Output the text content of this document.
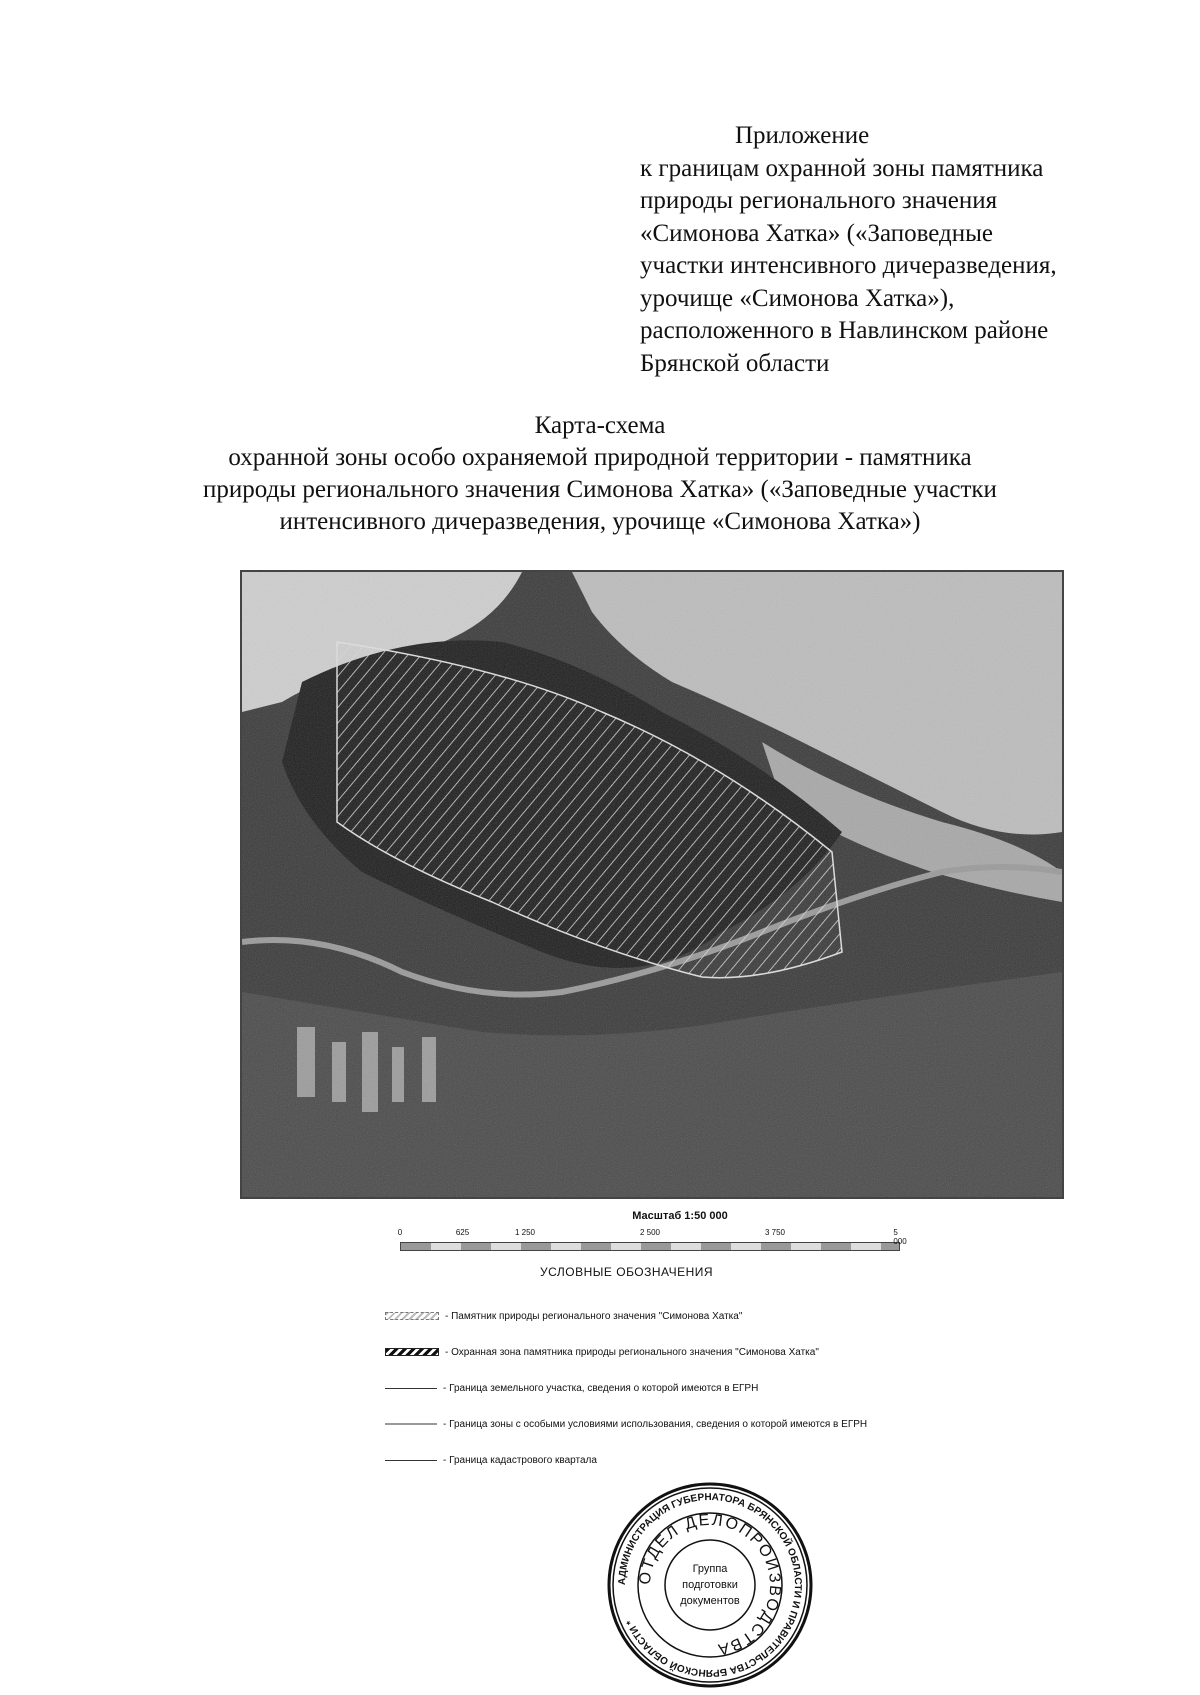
Приложение
к границам охранной зоны памятника
природы регионального значения
«Симонова Хатка» («Заповедные
участки интенсивного дичеразведения,
урочище «Симонова Хатка»),
расположенного в Навлинском районе
Брянской области

Карта-схема

охранной зоны особо охраняемой природной территории - памятника

природы регионального значения Симонова Хатка» («Заповедные участки

интенсивного дичеразведения, урочище «Симонова Хатка»)

Масштаб 1:50 000
0	625	1 250	2 500	3 750	5 000
УСЛОВНЫЕ ОБОЗНАЧЕНИЯ
- Памятник природы регионального значения "Симонова Хатка"
- Охранная зона памятника природы регионального значения "Симонова Хатка"
- Граница земельного участка, сведения о которой имеются в ЕГРН
- Граница зоны с особыми условиями использования, сведения о которой имеются в ЕГРН
- Граница кадастрового квартала
АДМИНИСТРАЦИЯ ГУБЕРНАТОРА БРЯНСКОЙ ОБЛАСТИ И ПРАВИТЕЛЬСТВА БРЯНСКОЙ ОБЛАСТИ *
ОТДЕЛ ДЕЛОПРОИЗВОДСТВА
Группа
подготовки
документов
